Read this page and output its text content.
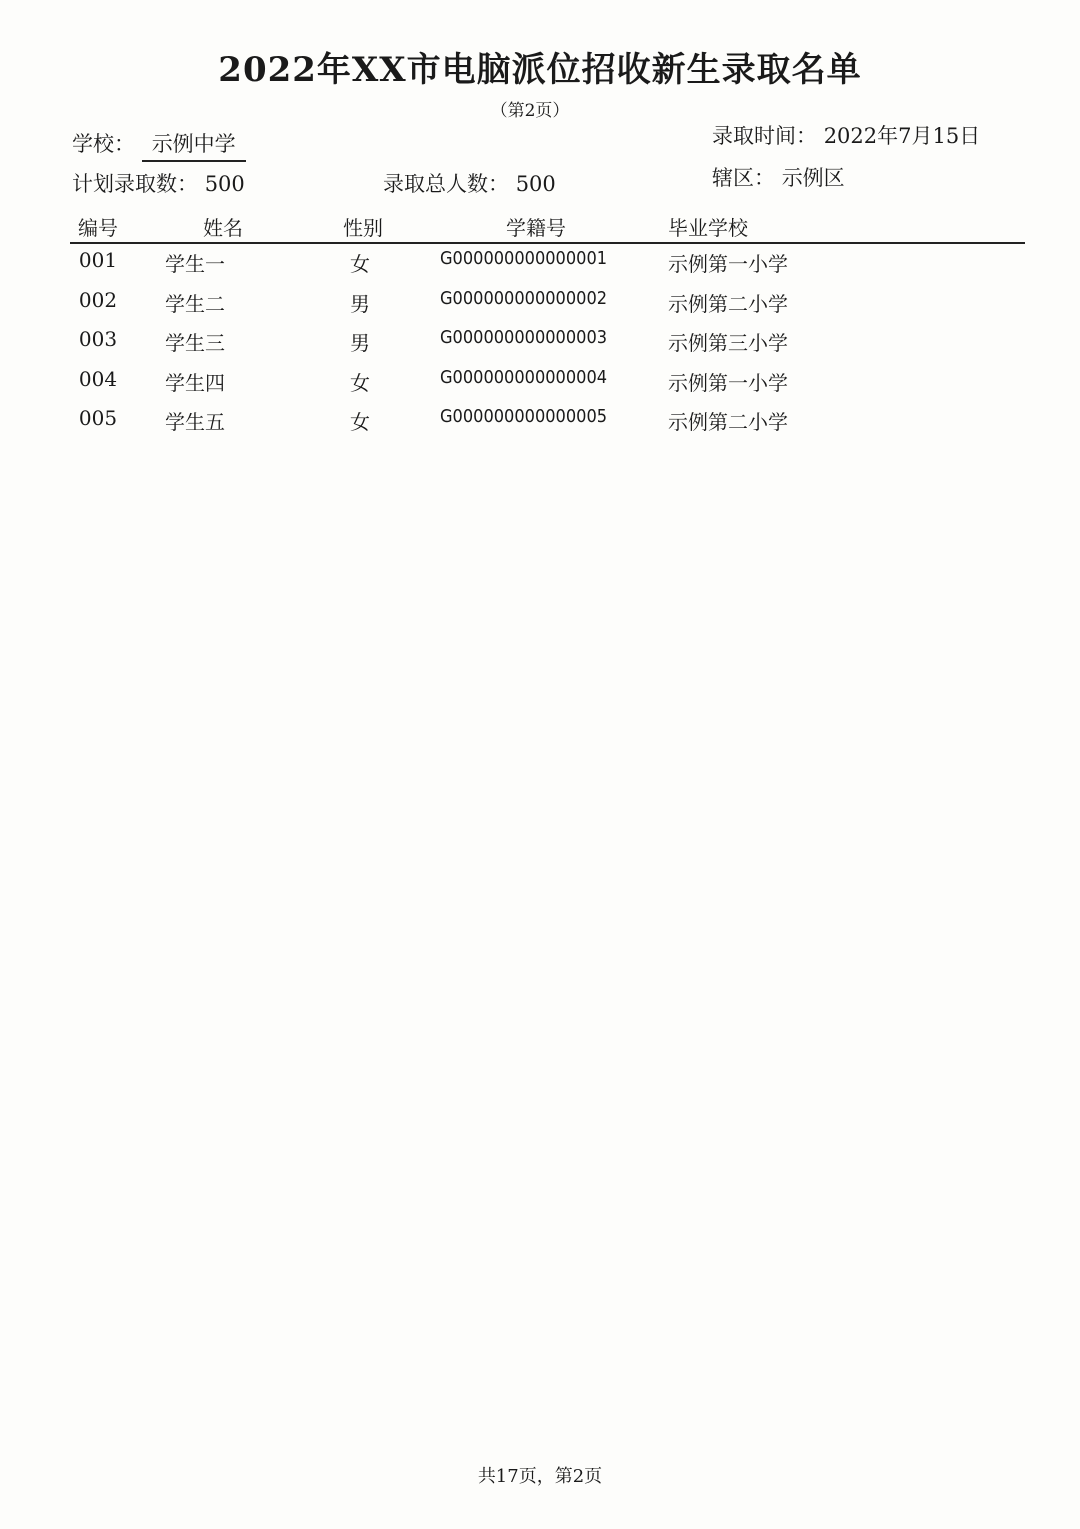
2022年XX市电脑派位招收新生录取名单
（第2页）
学校： 示例中学	录取时间： 2022年7月15日
计划录取数： 500	录取总人数： 500	辖区： 示例区
编号	姓名	性别	学籍号	毕业学校
001	学生一	女	G000000000000001	示例第一小学
002	学生二	男	G000000000000002	示例第二小学
003	学生三	男	G000000000000003	示例第三小学
004	学生四	女	G000000000000004	示例第一小学
005	学生五	女	G000000000000005	示例第二小学
共17页，第2页
